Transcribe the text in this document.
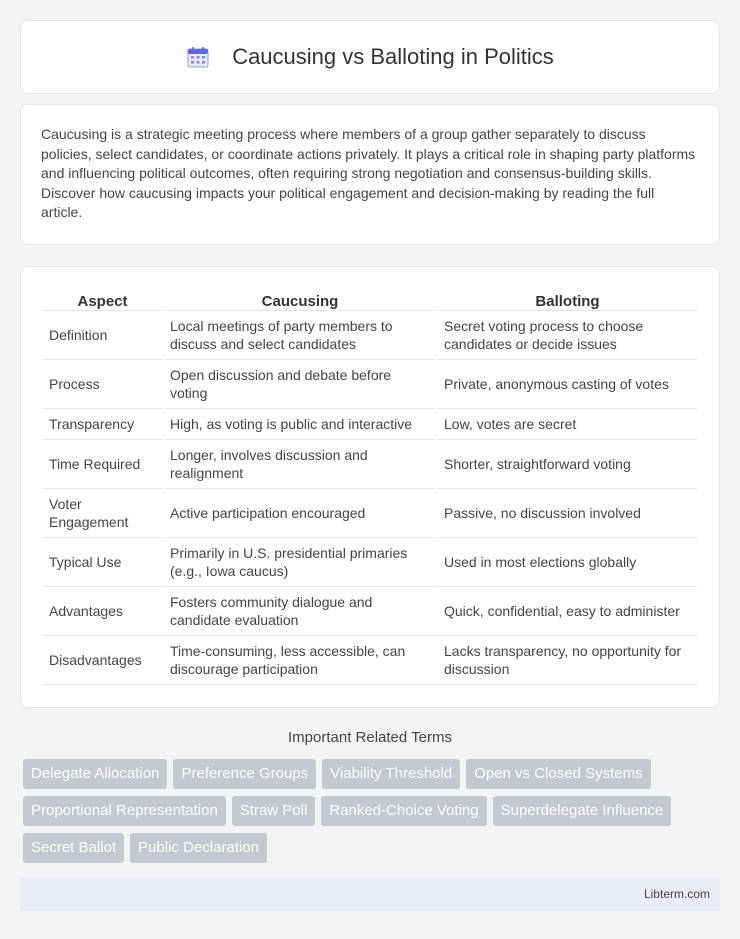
Caucusing vs Balloting in Politics

Caucusing is a strategic meeting process where members of a group gather separately to discuss policies, select candidates, or coordinate actions privately. It plays a critical role in shaping party platforms and influencing political outcomes, often requiring strong negotiation and consensus-building skills. Discover how caucusing impacts your political engagement and decision-making by reading the full article.

Aspect	Caucusing	Balloting
Definition	Local meetings of party members to discuss and select candidates	Secret voting process to choose candidates or decide issues
Process	Open discussion and debate before voting	Private, anonymous casting of votes
Transparency	High, as voting is public and interactive	Low, votes are secret
Time Required	Longer, involves discussion and realignment	Shorter, straightforward voting
Voter Engagement	Active participation encouraged	Passive, no discussion involved
Typical Use	Primarily in U.S. presidential primaries (e.g., Iowa caucus)	Used in most elections globally
Advantages	Fosters community dialogue and candidate evaluation	Quick, confidential, easy to administer
Disadvantages	Time-consuming, less accessible, can discourage participation	Lacks transparency, no opportunity for discussion
Important Related Terms
Delegate Allocation	Preference Groups	Viability Threshold	Open vs Closed Systems
Proportional Representation	Straw Poll	Ranked-Choice Voting	Superdelegate Influence
Secret Ballot	Public Declaration
Libterm.com
